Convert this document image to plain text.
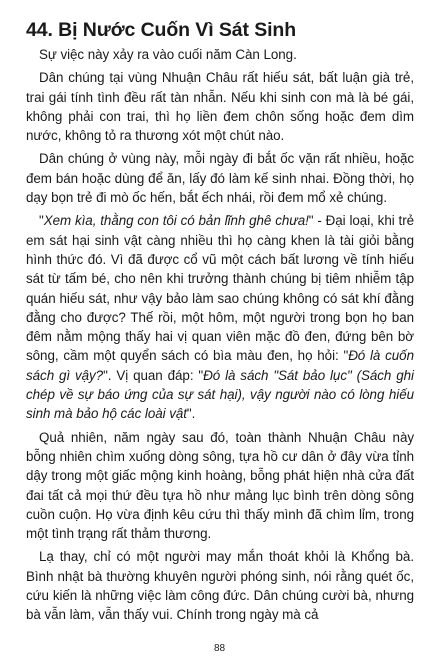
44. Bị Nước Cuốn Vì Sát Sinh

Sự việc này xảy ra vào cuối năm Càn Long.

Dân chúng tại vùng Nhuận Châu rất hiếu sát, bất luận già trẻ, trai gái tính tình đều rất tàn nhẫn. Nếu khi sinh con mà là bé gái, không phải con trai, thì họ liền đem chôn sống hoặc đem dìm nước, không tỏ ra thương xót một chút nào.

Dân chúng ở vùng này, mỗi ngày đi bắt ốc vặn rất nhiều, hoặc đem bán hoặc dùng để ăn, lấy đó làm kế sinh nhai. Đồng thời, họ dạy bọn trẻ đi mò ốc hến, bắt ếch nhái, rồi đem mổ xẻ chúng.

"Xem kìa, thằng con tôi có bản lĩnh ghê chưa!" - Đại loại, khi trẻ em sát hại sinh vật càng nhiều thì họ càng khen là tài giỏi bằng hình thức đó. Vì đã được cổ vũ một cách bất lương về tính hiếu sát từ tấm bé, cho nên khi trưởng thành chúng bị tiêm nhiễm tập quán hiếu sát, như vậy bảo làm sao chúng không có sát khí đằng đằng cho được? Thế rồi, một hôm, một người trong bọn họ ban đêm nằm mộng thấy hai vị quan viên mặc đồ đen, đứng bên bờ sông, cầm một quyển sách có bìa màu đen, họ hỏi: "Đó là cuốn sách gì vậy?". Vị quan đáp: "Đó là sách "Sát bảo lục" (Sách ghi chép về sự báo ứng của sự sát hại), vậy người nào có lòng hiếu sinh mà bảo hộ các loài vật".

Quả nhiên, năm ngày sau đó, toàn thành Nhuận Châu này bỗng nhiên chìm xuống dòng sông, tựa hồ cư dân ở đây vừa tỉnh dậy trong một giấc mộng kinh hoàng, bỗng phát hiện nhà cửa đất đai tất cả mọi thứ đều tựa hồ như mảng lục bình trên dòng sông cuồn cuộn. Họ vừa định kêu cứu thì thấy mình đã chìm lỉm, trong một tình trạng rất thảm thương.

Lạ thay, chỉ có một người may mắn thoát khỏi là Khổng bà. Bình nhật bà thường khuyên người phóng sinh, nói rằng quét ốc, cứu kiến là những việc làm công đức. Dân chúng cười bà, nhưng bà vẫn làm, vẫn thấy vui. Chính trong ngày mà cả

88
